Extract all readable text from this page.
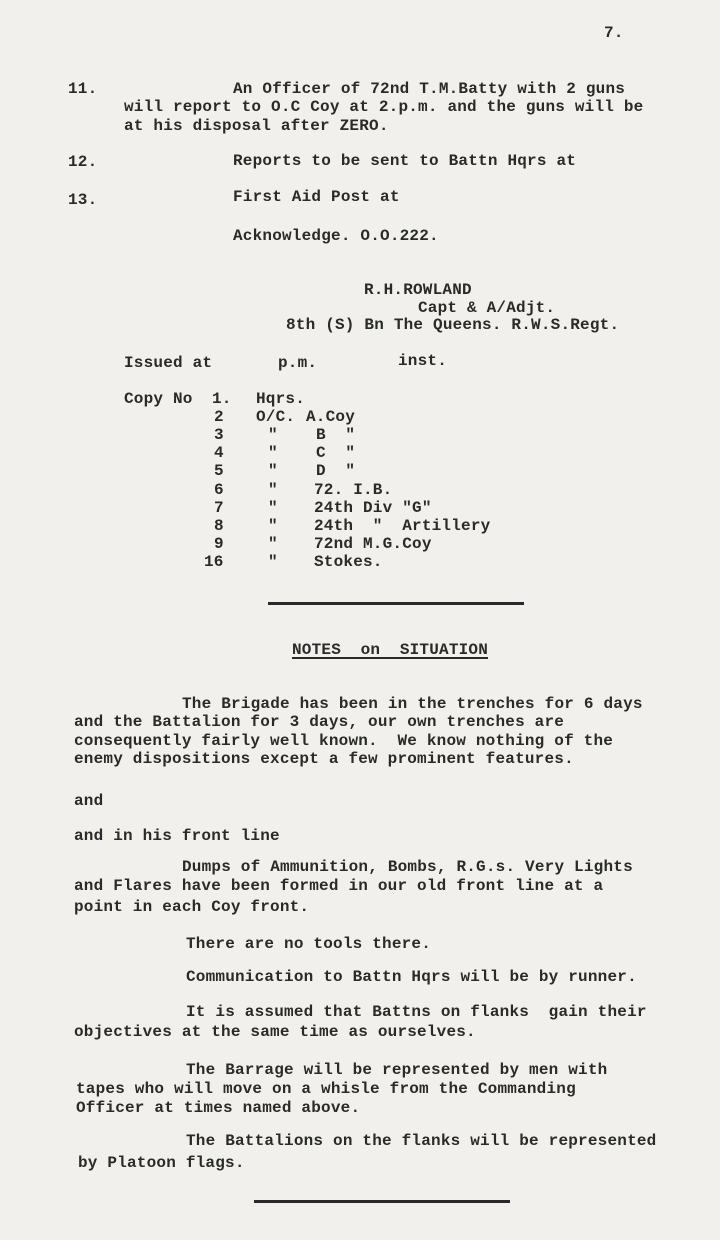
7.
11.	An Officer of 72nd T.M.Batty with 2 guns
will report to O.C Coy at 2.p.m. and the guns will be
at his disposal after ZERO.
12.	Reports to be sent to Battn Hqrs at
13.	First Aid Post at
Acknowledge. O.O.222.
R.H.ROWLAND
Capt & A/Adjt.
8th (S) Bn The Queens. R.W.S.Regt.
Issued at	p.m.	inst.
Copy No 1. Hqrs.
2 O/C. A.Coy
3	" B  "
4	" C  "
5	" D  "
6	" 72. I.B.
7	" 24th Div "G"
8	" 24th  "  Artillery
9	" 72nd M.G.Coy
16	" Stokes.
NOTES  on  SITUATION
The Brigade has been in the trenches for 6 days
and the Battalion for 3 days, our own trenches are
consequently fairly well known.  We know nothing of the
enemy dispositions except a few prominent features.
and
and in his front line
Dumps of Ammunition, Bombs, R.G.s. Very Lights
and Flares have been formed in our old front line at a
point in each Coy front.
There are no tools there.
Communication to Battn Hqrs will be by runner.
It is assumed that Battns on flanks  gain their
objectives at the same time as ourselves.
The Barrage will be represented by men with
tapes who will move on a whisle from the Commanding
Officer at times named above.
The Battalions on the flanks will be represented
by Platoon flags.
